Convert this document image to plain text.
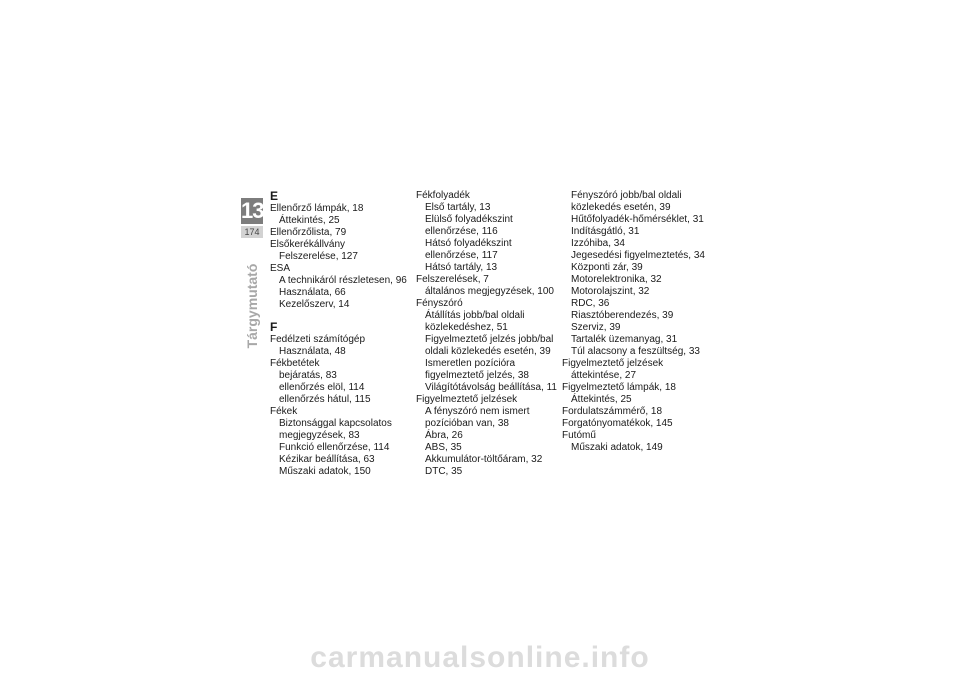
13
174
Tárgymutató
E
Ellenőrző lámpák, 18
Áttekintés, 25
Ellenőrzőlista, 79
Elsőkerékállvány
Felszerelése, 127
ESA
A technikáról részletesen, 96
Használata, 66
Kezelőszerv, 14
F
Fedélzeti számítógép
Használata, 48
Fékbetétek
bejáratás, 83
ellenőrzés elöl, 114
ellenőrzés hátul, 115
Fékek
Biztonsággal kapcsolatos
megjegyzések, 83
Funkció ellenőrzése, 114
Kézikar beállítása, 63
Műszaki adatok, 150
Fékfolyadék
Első tartály, 13
Elülső folyadékszint
ellenőrzése, 116
Hátsó folyadékszint
ellenőrzése, 117
Hátsó tartály, 13
Felszerelések, 7
általános megjegyzések, 100
Fényszóró
Átállítás jobb/bal oldali
közlekedéshez, 51
Figyelmeztető jelzés jobb/bal
oldali közlekedés esetén, 39
Ismeretlen pozícióra
figyelmeztető jelzés, 38
Világítótávolság beállítása, 11
Figyelmeztető jelzések
A fényszóró nem ismert
pozícióban van, 38
Ábra, 26
ABS, 35
Akkumulátor-töltőáram, 32
DTC, 35
Fényszóró jobb/bal oldali
közlekedés esetén, 39
Hűtőfolyadék-hőmérséklet, 31
Indításgátló, 31
Izzóhiba, 34
Jegesedési figyelmeztetés, 34
Központi zár, 39
Motorelektronika, 32
Motorolajszint, 32
RDC, 36
Riasztóberendezés, 39
Szerviz, 39
Tartalék üzemanyag, 31
Túl alacsony a feszültség, 33
Figyelmeztető jelzések
áttekintése, 27
Figyelmeztető lámpák, 18
Áttekintés, 25
Fordulatszámmérő, 18
Forgatónyomatékok, 145
Futómű
Műszaki adatok, 149
carmanualsonline.info
